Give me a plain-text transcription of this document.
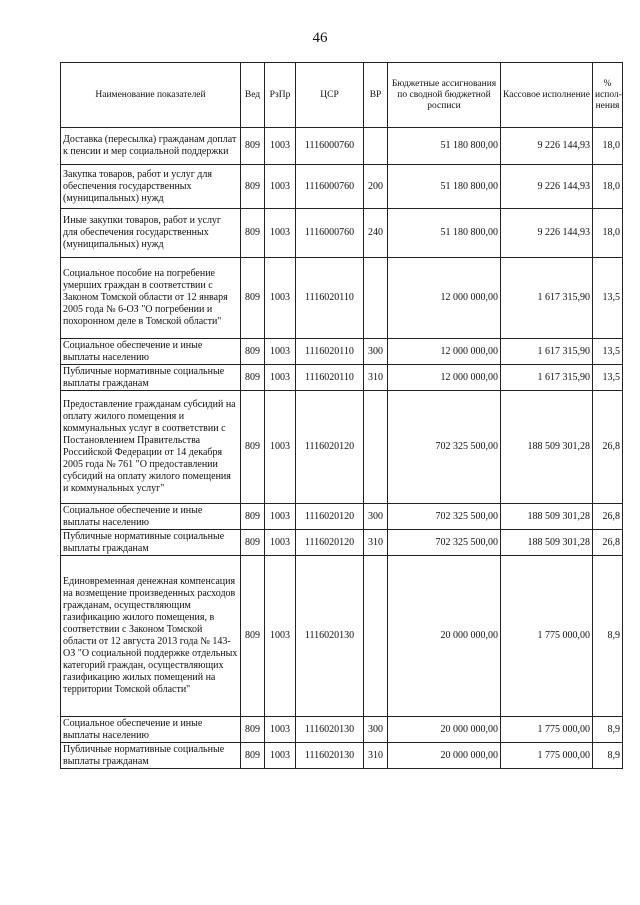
46
Наименование показателей	Вед	РзПр	ЦСР	ВР	Бюджетные ассигнования по сводной бюджетной росписи	Кассовое исполнение	% испол-нения
Доставка (пересылка) гражданам доплат к пенсии и мер социальной поддержки	809	1003	1116000760		51 180 800,00	9 226 144,93	18,0
Закупка товаров, работ и услуг для обеспечения государственных (муниципальных) нужд	809	1003	1116000760	200	51 180 800,00	9 226 144,93	18,0
Иные закупки товаров, работ и услуг для обеспечения государственных (муниципальных) нужд	809	1003	1116000760	240	51 180 800,00	9 226 144,93	18,0
Социальное пособие на погребение умерших граждан в соответствии с Законом Томской области от 12 января 2005 года № 6-ОЗ "О погребении и похоронном деле в Томской области"	809	1003	1116020110		12 000 000,00	1 617 315,90	13,5
Социальное обеспечение и иные выплаты населению	809	1003	1116020110	300	12 000 000,00	1 617 315,90	13,5
Публичные нормативные социальные выплаты гражданам	809	1003	1116020110	310	12 000 000,00	1 617 315,90	13,5
Предоставление гражданам субсидий на оплату жилого помещения и коммунальных услуг в соответствии с Постановлением Правительства Российской Федерации от 14 декабря 2005 года № 761 "О предоставлении субсидий на оплату жилого помещения и коммунальных услуг"	809	1003	1116020120		702 325 500,00	188 509 301,28	26,8
Социальное обеспечение и иные выплаты населению	809	1003	1116020120	300	702 325 500,00	188 509 301,28	26,8
Публичные нормативные социальные выплаты гражданам	809	1003	1116020120	310	702 325 500,00	188 509 301,28	26,8
Единовременная денежная компенсация на возмещение произведенных расходов гражданам, осуществляющим газификацию жилого помещения, в соответствии с Законом Томской области от 12 августа 2013 года № 143-ОЗ "О социальной поддержке отдельных категорий граждан, осуществляющих газификацию жилых помещений на территории Томской области"	809	1003	1116020130		20 000 000,00	1 775 000,00	8,9
Социальное обеспечение и иные выплаты населению	809	1003	1116020130	300	20 000 000,00	1 775 000,00	8,9
Публичные нормативные социальные выплаты гражданам	809	1003	1116020130	310	20 000 000,00	1 775 000,00	8,9
